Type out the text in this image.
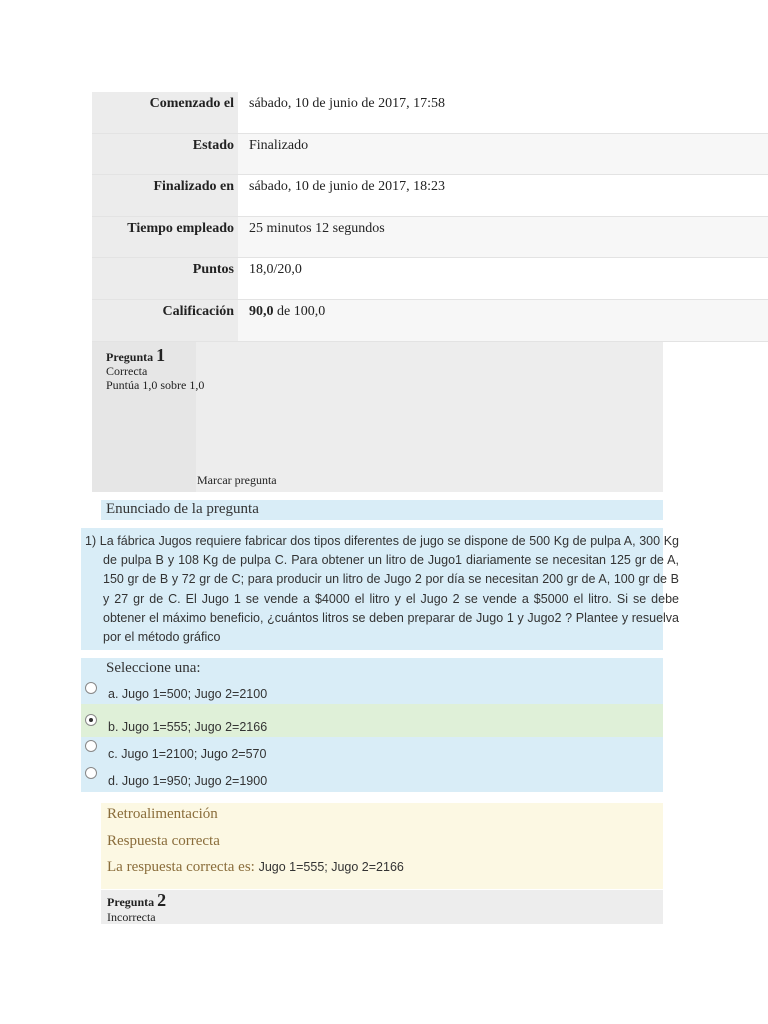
Comenzado el	sábado, 10 de junio de 2017, 17:58
Estado	Finalizado
Finalizado en	sábado, 10 de junio de 2017, 18:23
Tiempo empleado	25 minutos 12 segundos
Puntos	18,0/20,0
Calificación	90,0 de 100,0
Pregunta 1
Correcta
Puntúa 1,0 sobre 1,0
Marcar pregunta
Enunciado de la pregunta

1) La fábrica Jugos requiere fabricar dos tipos diferentes de jugo se dispone de 500 Kg de pulpa A, 300 Kg de pulpa B y 108 Kg de pulpa C. Para obtener un litro de Jugo1 diariamente se necesitan 125 gr de A, 150 gr de B y 72 gr de C; para producir un litro de Jugo 2 por día se necesitan 200 gr de A, 100 gr de B y 27 gr de C. El Jugo 1 se vende a $4000 el litro y el Jugo 2 se vende a $5000 el litro. Si se debe obtener el máximo beneficio, ¿cuántos litros se deben preparar de Jugo 1 y Jugo2 ? Plantee y resuelva por el método gráfico

Seleccione una:
a. Jugo 1=500; Jugo 2=2100
b. Jugo 1=555; Jugo 2=2166
c. Jugo 1=2100; Jugo 2=570
d. Jugo 1=950; Jugo 2=1900
Retroalimentación
Respuesta correcta
La respuesta correcta es: Jugo 1=555; Jugo 2=2166
Pregunta 2
Incorrecta
